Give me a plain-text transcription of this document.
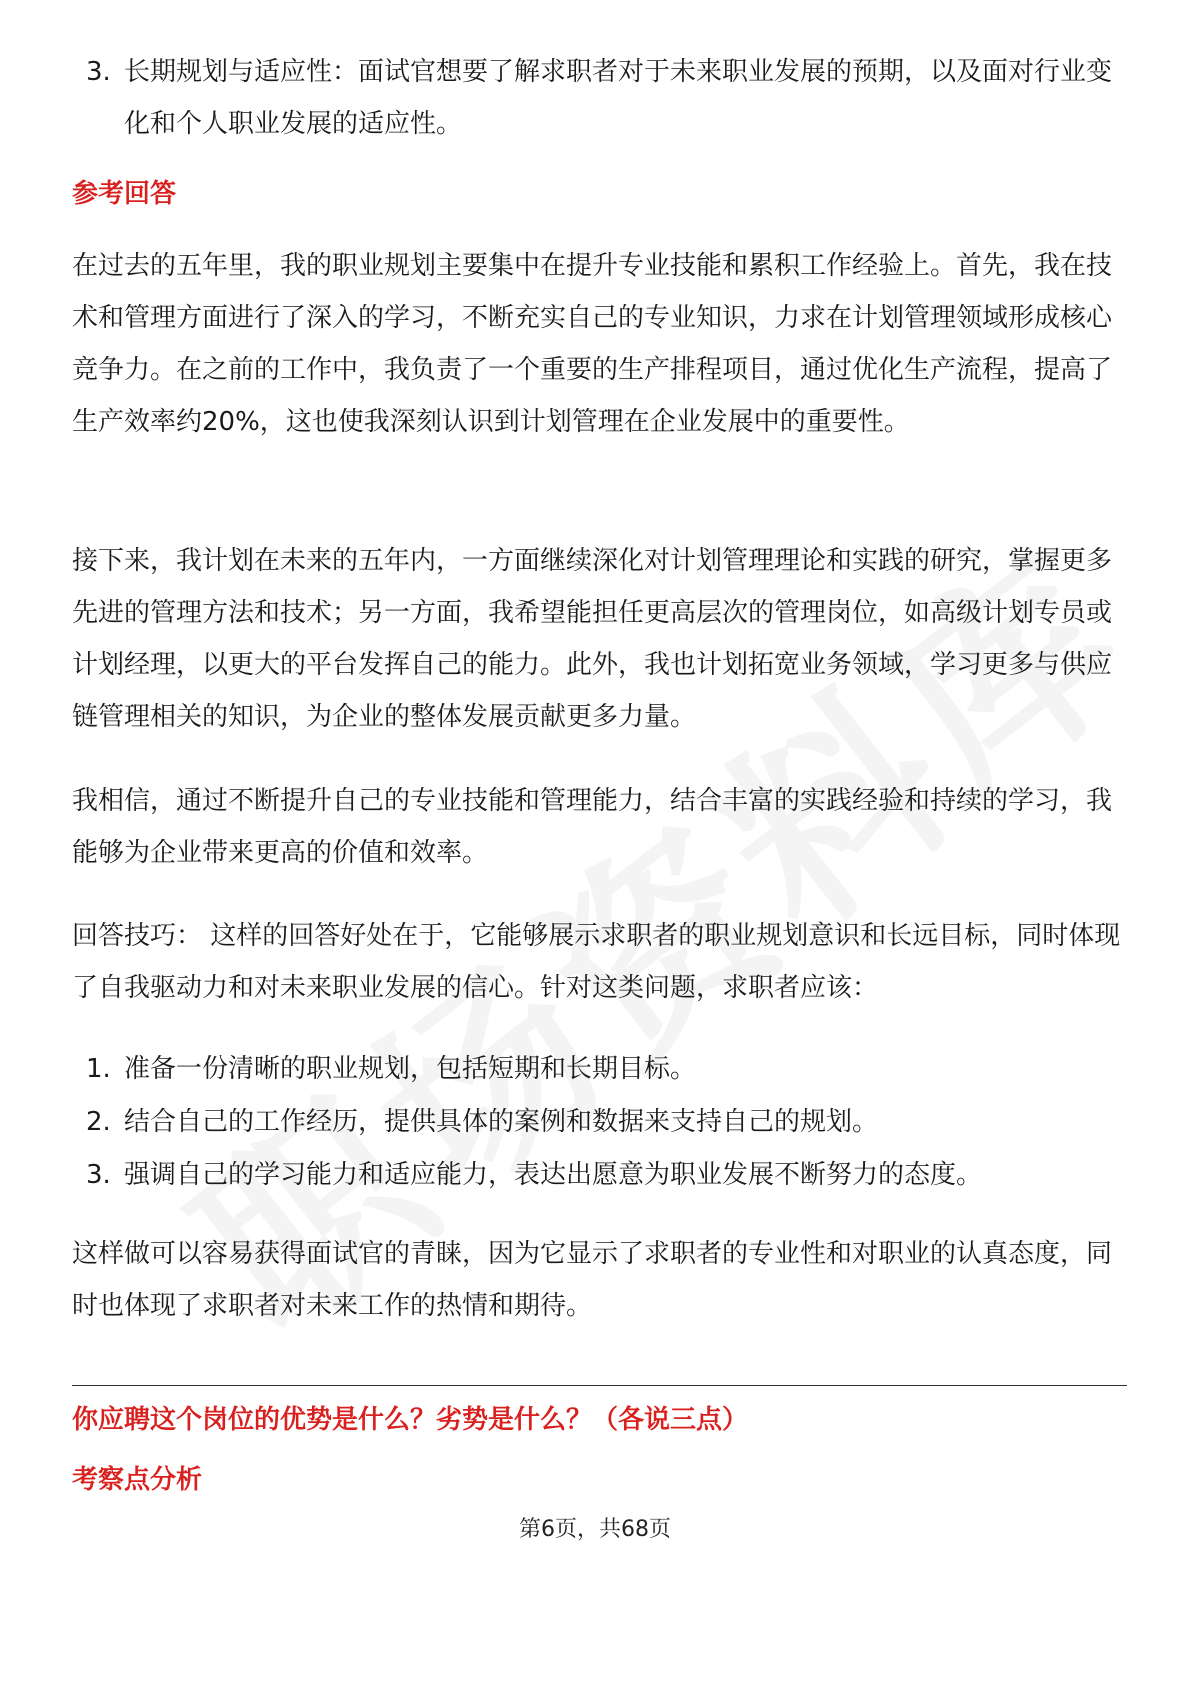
3. 长期规划与适应性：面试官想要了解求职者对于未来职业发展的预期，以及面对行业变化和个人职业发展的适应性。
参考回答

在过去的五年里，我的职业规划主要集中在提升专业技能和累积工作经验上。首先，我在技术和管理方面进行了深入的学习，不断充实自己的专业知识，力求在计划管理领域形成核心竞争力。在之前的工作中，我负责了一个重要的生产排程项目，通过优化生产流程，提高了生产效率约20%，这也使我深刻认识到计划管理在企业发展中的重要性。

接下来，我计划在未来的五年内，一方面继续深化对计划管理理论和实践的研究，掌握更多先进的管理方法和技术；另一方面，我希望能担任更高层次的管理岗位，如高级计划专员或计划经理，以更大的平台发挥自己的能力。此外，我也计划拓宽业务领域，学习更多与供应链管理相关的知识，为企业的整体发展贡献更多力量。

我相信，通过不断提升自己的专业技能和管理能力，结合丰富的实践经验和持续的学习，我能够为企业带来更高的价值和效率。

回答技巧： 这样的回答好处在于，它能够展示求职者的职业规划意识和长远目标，同时体现了自我驱动力和对未来职业发展的信心。针对这类问题，求职者应该：

1. 准备一份清晰的职业规划，包括短期和长期目标。
2. 结合自己的工作经历，提供具体的案例和数据来支持自己的规划。
3. 强调自己的学习能力和适应能力，表达出愿意为职业发展不断努力的态度。

这样做可以容易获得面试官的青睐，因为它显示了求职者的专业性和对职业的认真态度，同时也体现了求职者对未来工作的热情和期待。

你应聘这个岗位的优势是什么？劣势是什么？（各说三点）
考察点分析
第6页，共68页
